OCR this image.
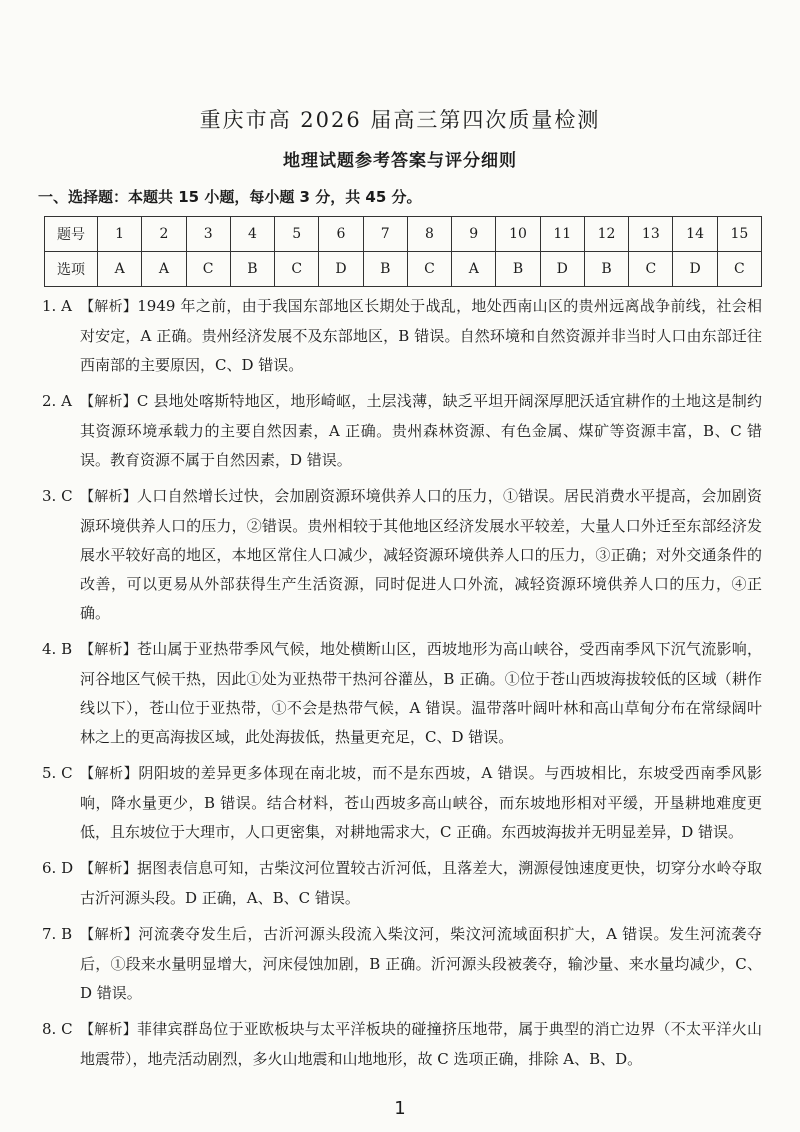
重庆市高 2026 届高三第四次质量检测
地理试题参考答案与评分细则
一、选择题：本题共 15 小题，每小题 3 分，共 45 分。
题号	1	2	3	4	5	6	7	8	9	10	11	12	13	14	15
选项	A	A	C	B	C	D	B	C	A	B	D	B	C	D	C
1. A 【解析】1949 年之前，由于我国东部地区长期处于战乱，地处西南山区的贵州远离战争前线，社会相对安定，A 正确。贵州经济发展不及东部地区，B 错误。自然环境和自然资源并非当时人口由东部迁往西南部的主要原因，C、D 错误。
2. A 【解析】C 县地处喀斯特地区，地形崎岖，土层浅薄，缺乏平坦开阔深厚肥沃适宜耕作的土地这是制约其资源环境承载力的主要自然因素，A 正确。贵州森林资源、有色金属、煤矿等资源丰富，B、C 错误。教育资源不属于自然因素，D 错误。
3. C 【解析】人口自然增长过快，会加剧资源环境供养人口的压力，①错误。居民消费水平提高，会加剧资源环境供养人口的压力，②错误。贵州相较于其他地区经济发展水平较差，大量人口外迁至东部经济发展水平较好高的地区，本地区常住人口减少，减轻资源环境供养人口的压力，③正确；对外交通条件的改善，可以更易从外部获得生产生活资源，同时促进人口外流，减轻资源环境供养人口的压力，④正确。
4. B 【解析】苍山属于亚热带季风气候，地处横断山区，西坡地形为高山峡谷，受西南季风下沉气流影响，河谷地区气候干热，因此①处为亚热带干热河谷灌丛，B 正确。①位于苍山西坡海拔较低的区域（耕作线以下），苍山位于亚热带，①不会是热带气候，A 错误。温带落叶阔叶林和高山草甸分布在常绿阔叶林之上的更高海拔区域，此处海拔低，热量更充足，C、D 错误。
5. C 【解析】阴阳坡的差异更多体现在南北坡，而不是东西坡，A 错误。与西坡相比，东坡受西南季风影响，降水量更少，B 错误。结合材料，苍山西坡多高山峡谷，而东坡地形相对平缓，开垦耕地难度更低，且东坡位于大理市，人口更密集，对耕地需求大，C 正确。东西坡海拔并无明显差异，D 错误。
6. D 【解析】据图表信息可知，古柴汶河位置较古沂河低，且落差大，溯源侵蚀速度更快，切穿分水岭夺取古沂河源头段。D 正确，A、B、C 错误。
7. B 【解析】河流袭夺发生后，古沂河源头段流入柴汶河，柴汶河流域面积扩大，A 错误。发生河流袭夺后，①段来水量明显增大，河床侵蚀加剧，B 正确。沂河源头段被袭夺，输沙量、来水量均减少，C、D 错误。
8. C 【解析】菲律宾群岛位于亚欧板块与太平洋板块的碰撞挤压地带，属于典型的消亡边界（不太平洋火山地震带），地壳活动剧烈，多火山地震和山地地形，故 C 选项正确，排除 A、B、D。
1
